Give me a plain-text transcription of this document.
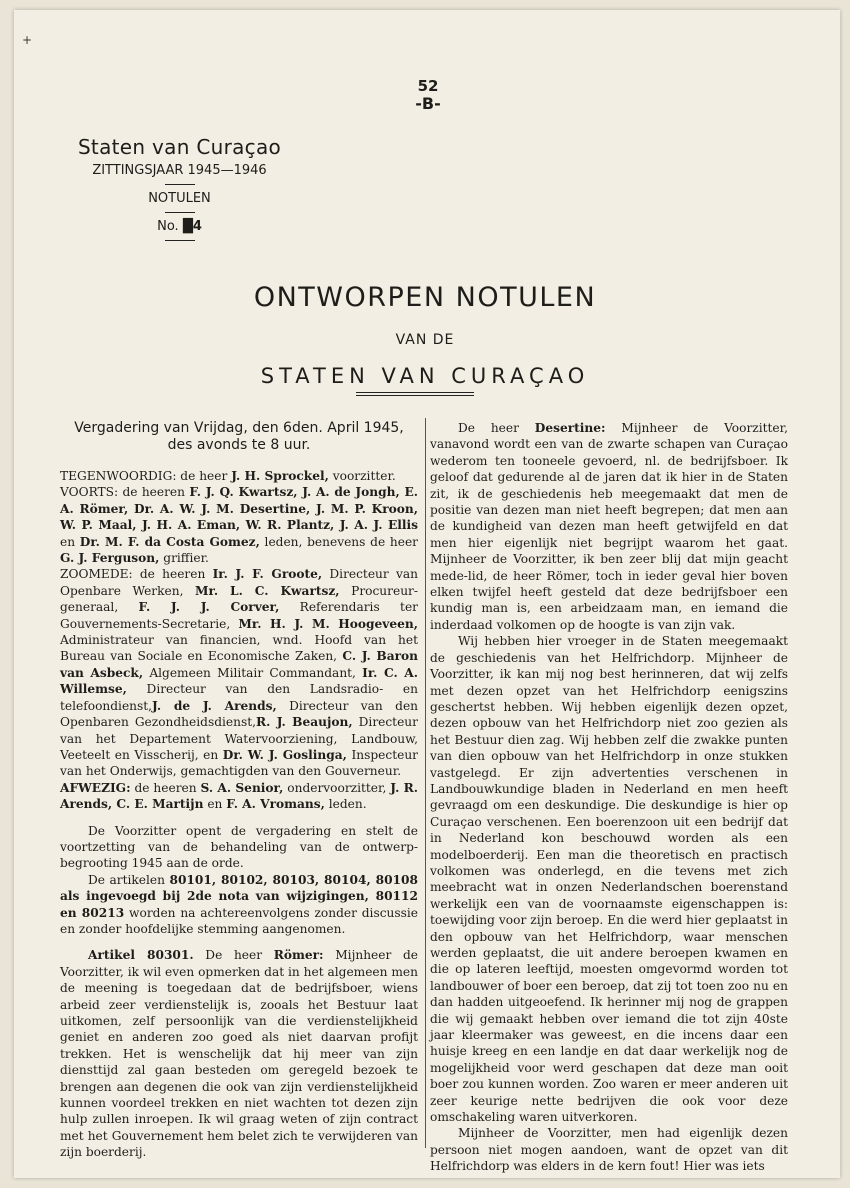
+
52
-B-
Staten van Curaçao
ZITTINGSJAAR 1945—1946
NOTULEN
No. █4
ONTWORPEN NOTULEN
VAN DE
STATEN VAN CURAÇAO
Vergadering van Vrijdag, den 6den. April 1945,
des avonds te 8 uur.

TEGENWOORDIG: de heer J. H. Sprockel, voorzitter.

VOORTS: de heeren F. J. Q. Kwartsz, J. A. de Jongh, E. A. Römer, Dr. A. W. J. M. Desertine, J. M. P. Kroon, W. P. Maal, J. H. A. Eman, W. R. Plantz, J. A. J. Ellis en Dr. M. F. da Costa Gomez, leden, benevens de heer G. J. Ferguson, griffier.

ZOOMEDE: de heeren Ir. J. F. Groote, Directeur van Openbare Werken, Mr. L. C. Kwartsz, Procureur-generaal, F. J. J. Corver, Referendaris ter Gouvernements-Secretarie, Mr. H. J. M. Hoogeveen, Administrateur van financien, wnd. Hoofd van het Bureau van Sociale en Economische Zaken, C. J. Baron van Asbeck, Algemeen Militair Commandant, Ir. C. A. Willemse, Directeur van den Landsradio- en telefoondienst,J. de J. Arends, Directeur van den Openbaren Gezondheidsdienst,R. J. Beaujon, Directeur van het Departement Watervoorziening, Landbouw, Veeteelt en Visscherij, en Dr. W. J. Goslinga, Inspecteur van het Onderwijs, gemachtigden van den Gouverneur.

AFWEZIG: de heeren S. A. Senior, ondervoorzitter, J. R. Arends, C. E. Martijn en F. A. Vromans, leden.

De Voorzitter opent de vergadering en stelt de voortzetting van de behandeling van de ontwerp-begrooting 1945 aan de orde.

De artikelen 80101, 80102, 80103, 80104, 80108 als ingevoegd bij 2de nota van wijzigingen, 80112 en 80213 worden na achtereenvolgens zonder discussie en zonder hoofdelijke stemming aangenomen.

Artikel 80301. De heer Römer: Mijnheer de Voorzitter, ik wil even opmerken dat in het algemeen men de meening is toegedaan dat de bedrijfsboer, wiens arbeid zeer verdienstelijk is, zooals het Bestuur laat uitkomen, zelf persoonlijk van die verdienstelijkheid geniet en anderen zoo goed als niet daarvan profijt trekken. Het is wenschelijk dat hij meer van zijn diensttijd zal gaan besteden om geregeld bezoek te brengen aan degenen die ook van zijn verdienstelijkheid kunnen voordeel trekken en niet wachten tot dezen zijn hulp zullen inroepen. Ik wil graag weten of zijn contract met het Gouvernement hem belet zich te verwijderen van zijn boerderij.

De heer Desertine: Mijnheer de Voorzitter, vanavond wordt een van de zwarte schapen van Curaçao wederom ten tooneele gevoerd, nl. de bedrijfsboer. Ik geloof dat gedurende al de jaren dat ik hier in de Staten zit, ik de geschiedenis heb meegemaakt dat men de positie van dezen man niet heeft begrepen; dat men aan de kundigheid van dezen man heeft getwijfeld en dat men hier eigenlijk niet begrijpt waarom het gaat. Mijnheer de Voorzitter, ik ben zeer blij dat mijn geacht mede-lid, de heer Römer, toch in ieder geval hier boven elken twijfel heeft gesteld dat deze bedrijfsboer een kundig man is, een arbeidzaam man, en iemand die inderdaad volkomen op de hoogte is van zijn vak.

Wij hebben hier vroeger in de Staten meegemaakt de geschiedenis van het Helfrichdorp. Mijnheer de Voorzitter, ik kan mij nog best herinneren, dat wij zelfs met dezen opzet van het Helfrichdorp eenigszins geschertst hebben. Wij hebben eigenlijk dezen opzet, dezen opbouw van het Helfrichdorp niet zoo gezien als het Bestuur dien zag. Wij hebben zelf die zwakke punten van dien opbouw van het Helfrichdorp in onze stukken vastgelegd. Er zijn advertenties verschenen in Landbouwkundige bladen in Nederland en men heeft gevraagd om een deskundige. Die deskundige is hier op Curaçao verschenen. Een boerenzoon uit een bedrijf dat in Nederland kon beschouwd worden als een modelboerderij. Een man die theoretisch en practisch volkomen was onderlegd, en die tevens met zich meebracht wat in onzen Nederlandschen boerenstand werkelijk een van de voornaamste eigenschappen is: toewijding voor zijn beroep. En die werd hier geplaatst in den opbouw van het Helfrichdorp, waar menschen werden geplaatst, die uit andere beroepen kwamen en die op lateren leeftijd, moesten omgevormd worden tot landbouwer of boer een beroep, dat zij tot toen zoo nu en dan hadden uitgeoefend. Ik herinner mij nog de grappen die wij gemaakt hebben over iemand die tot zijn 40ste jaar kleermaker was geweest, en die incens daar een huisje kreeg en een landje en dat daar werkelijk nog de mogelijkheid voor werd geschapen dat deze man ooit boer zou kunnen worden. Zoo waren er meer anderen uit zeer keurige nette bedrijven die ook voor deze omschakeling waren uitverkoren.

Mijnheer de Voorzitter, men had eigenlijk dezen persoon niet mogen aandoen, want de opzet van dit Helfrichdorp was elders in de kern fout! Hier was iets
